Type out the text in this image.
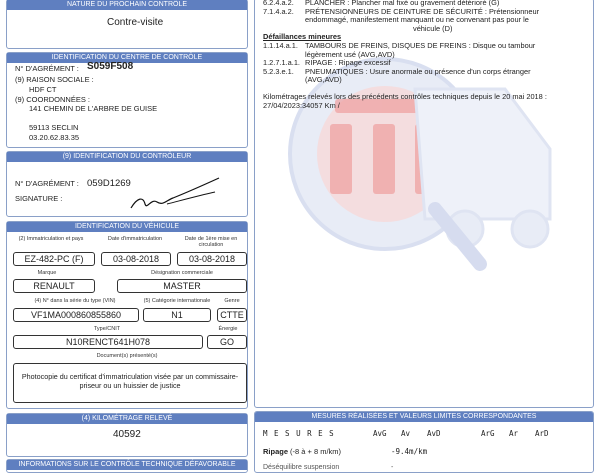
NATURE DU PROCHAIN CONTRÔLE
Contre-visite
IDENTIFICATION DU CENTRE DE CONTRÔLE
N° D'AGRÉMENT : S059F508
(9) RAISON SOCIALE :
HDF CT
(9) COORDONNÉES :
141 CHEMIN DE L'ARBRE DE GUISE
59113 SECLIN
03.20.62.83.35
(9) IDENTIFICATION DU CONTRÔLEUR
N° D'AGRÉMENT : 059D1269
SIGNATURE :
IDENTIFICATION DU VÉHICULE
(2) Immatriculation et pays	Date d'immatriculation	Date de 1ère mise en circulation
EZ-482-PC (F)	03-08-2018	03-08-2018
Marque	Désignation commerciale
RENAULT	MASTER
(4) N° dans la série du type (VIN)	(5) Catégorie internationale	Genre
VF1MA000860855860	N1	CTTE
Type/CNIT	Énergie
N10RENCT641H078	GO
Document(s) présenté(s)
Photocopie du certificat d'immatriculation visée par un commissaire-priseur ou un huissier de justice
(4) KILOMÉTRAGE RELEVÉ
40592
INFORMATIONS SUR LE CONTRÔLE TECHNIQUE DÉFAVORABLE
6.2.4.a.2.	PLANCHER : Plancher mal fixé ou gravement détérioré (G)
7.1.4.a.2.	PRÉTENSIONNEURS DE CEINTURE DE SÉCURITÉ : Prétensionneur
endommagé, manifestement manquant ou ne convenant pas pour le
véhicule (D)
Défaillances mineures
1.1.14.a.1. TAMBOURS DE FREINS, DISQUES DE FREINS : Disque ou tambour
légèrement usé (AVG,AVD)
1.2.7.1.a.1. RIPAGE : Ripage excessif
5.2.3.e.1.	PNEUMATIQUES : Usure anormale ou présence d'un corps étranger
(AVG,AVD)
Kilométrages relevés lors des précédents contrôles techniques depuis le 20 mai 2018 :
27/04/2023:34057 Km /
MESURES RÉALISÉES ET VALEURS LIMITES CORRESPONDANTES
M E S U R E S	AvG Av AvD	ArG Ar ArD
Ripage (-8 à + 8 m/km)	-9.4m/km
Déséquilibre suspension	-
